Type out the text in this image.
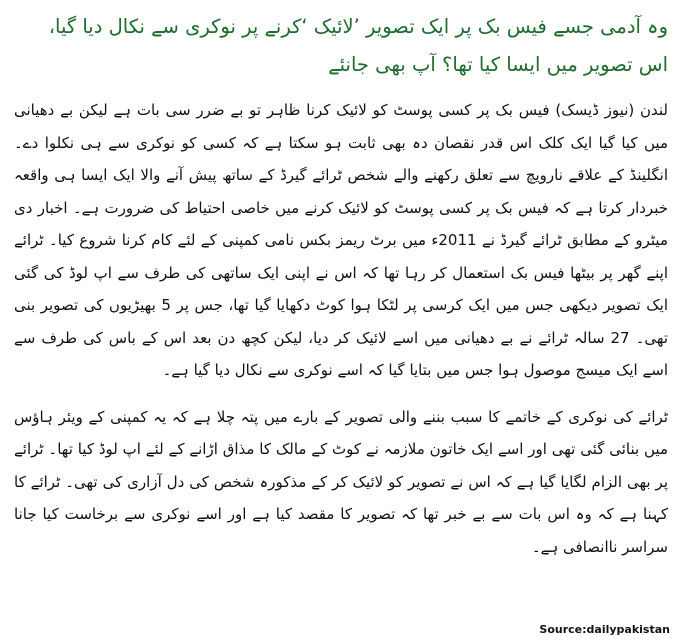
وہ آدمی جسے فیس بک پر ایک تصویر ’لائیک ‘کرنے پر نوکری سے نکال دیا گیا، اس تصویر میں ایسا کیا تھا؟ آپ بھی جانئے

لندن (نیوز ڈیسک) فیس بک پر کسی پوسٹ کو لائیک کرنا ظاہر تو بے ضرر سی بات ہے لیکن بے دھیانی میں کیا گیا ایک کلک اس قدر نقصان دہ بھی ثابت ہو سکتا ہے کہ کسی کو نوکری سے ہی نکلوا دے۔ انگلینڈ کے علاقے نارویچ سے تعلق رکھنے والے شخص ٹرائے گیرڈ کے ساتھ پیش آنے والا ایک ایسا ہی واقعہ خبردار کرتا ہے کہ فیس بک پر کسی پوسٹ کو لائیک کرنے میں خاصی احتیاط کی ضرورت ہے۔ اخبار دی میٹرو کے مطابق ٹرائے گیرڈ نے 2011ء میں برٹ ریمز بکس نامی کمپنی کے لئے کام کرنا شروع کیا۔ ٹرائے اپنے گھر پر بیٹھا فیس بک استعمال کر رہا تھا کہ اس نے اپنی ایک ساتھی کی طرف سے اپ لوڈ کی گئی ایک تصویر دیکھی جس میں ایک کرسی پر لٹکا ہوا کوٹ دکھایا گیا تھا، جس پر 5 بھیڑیوں کی تصویر بنی تھی۔ 27 سالہ ٹرائے نے بے دھیانی میں اسے لائیک کر دیا، لیکن کچھ دن بعد اس کے باس کی طرف سے اسے ایک میسج موصول ہوا جس میں بتایا گیا کہ اسے نوکری سے نکال دیا گیا ہے۔

ٹرائے کی نوکری کے خاتمے کا سبب بننے والی تصویر کے بارے میں پتہ چلا ہے کہ یہ کمپنی کے ویئر ہاؤس میں بنائی گئی تھی اور اسے ایک خاتون ملازمہ نے کوٹ کے مالک کا مذاق اڑانے کے لئے اپ لوڈ کیا تھا۔ ٹرائے پر بھی الزام لگایا گیا ہے کہ اس نے تصویر کو لائیک کر کے مذکورہ شخص کی دل آزاری کی تھی۔ ٹرائے کا کہنا ہے کہ وہ اس بات سے بے خبر تھا کہ تصویر کا مقصد کیا ہے اور اسے نوکری سے برخاست کیا جانا سراسر ناانصافی ہے۔

Source:dailypakistan
